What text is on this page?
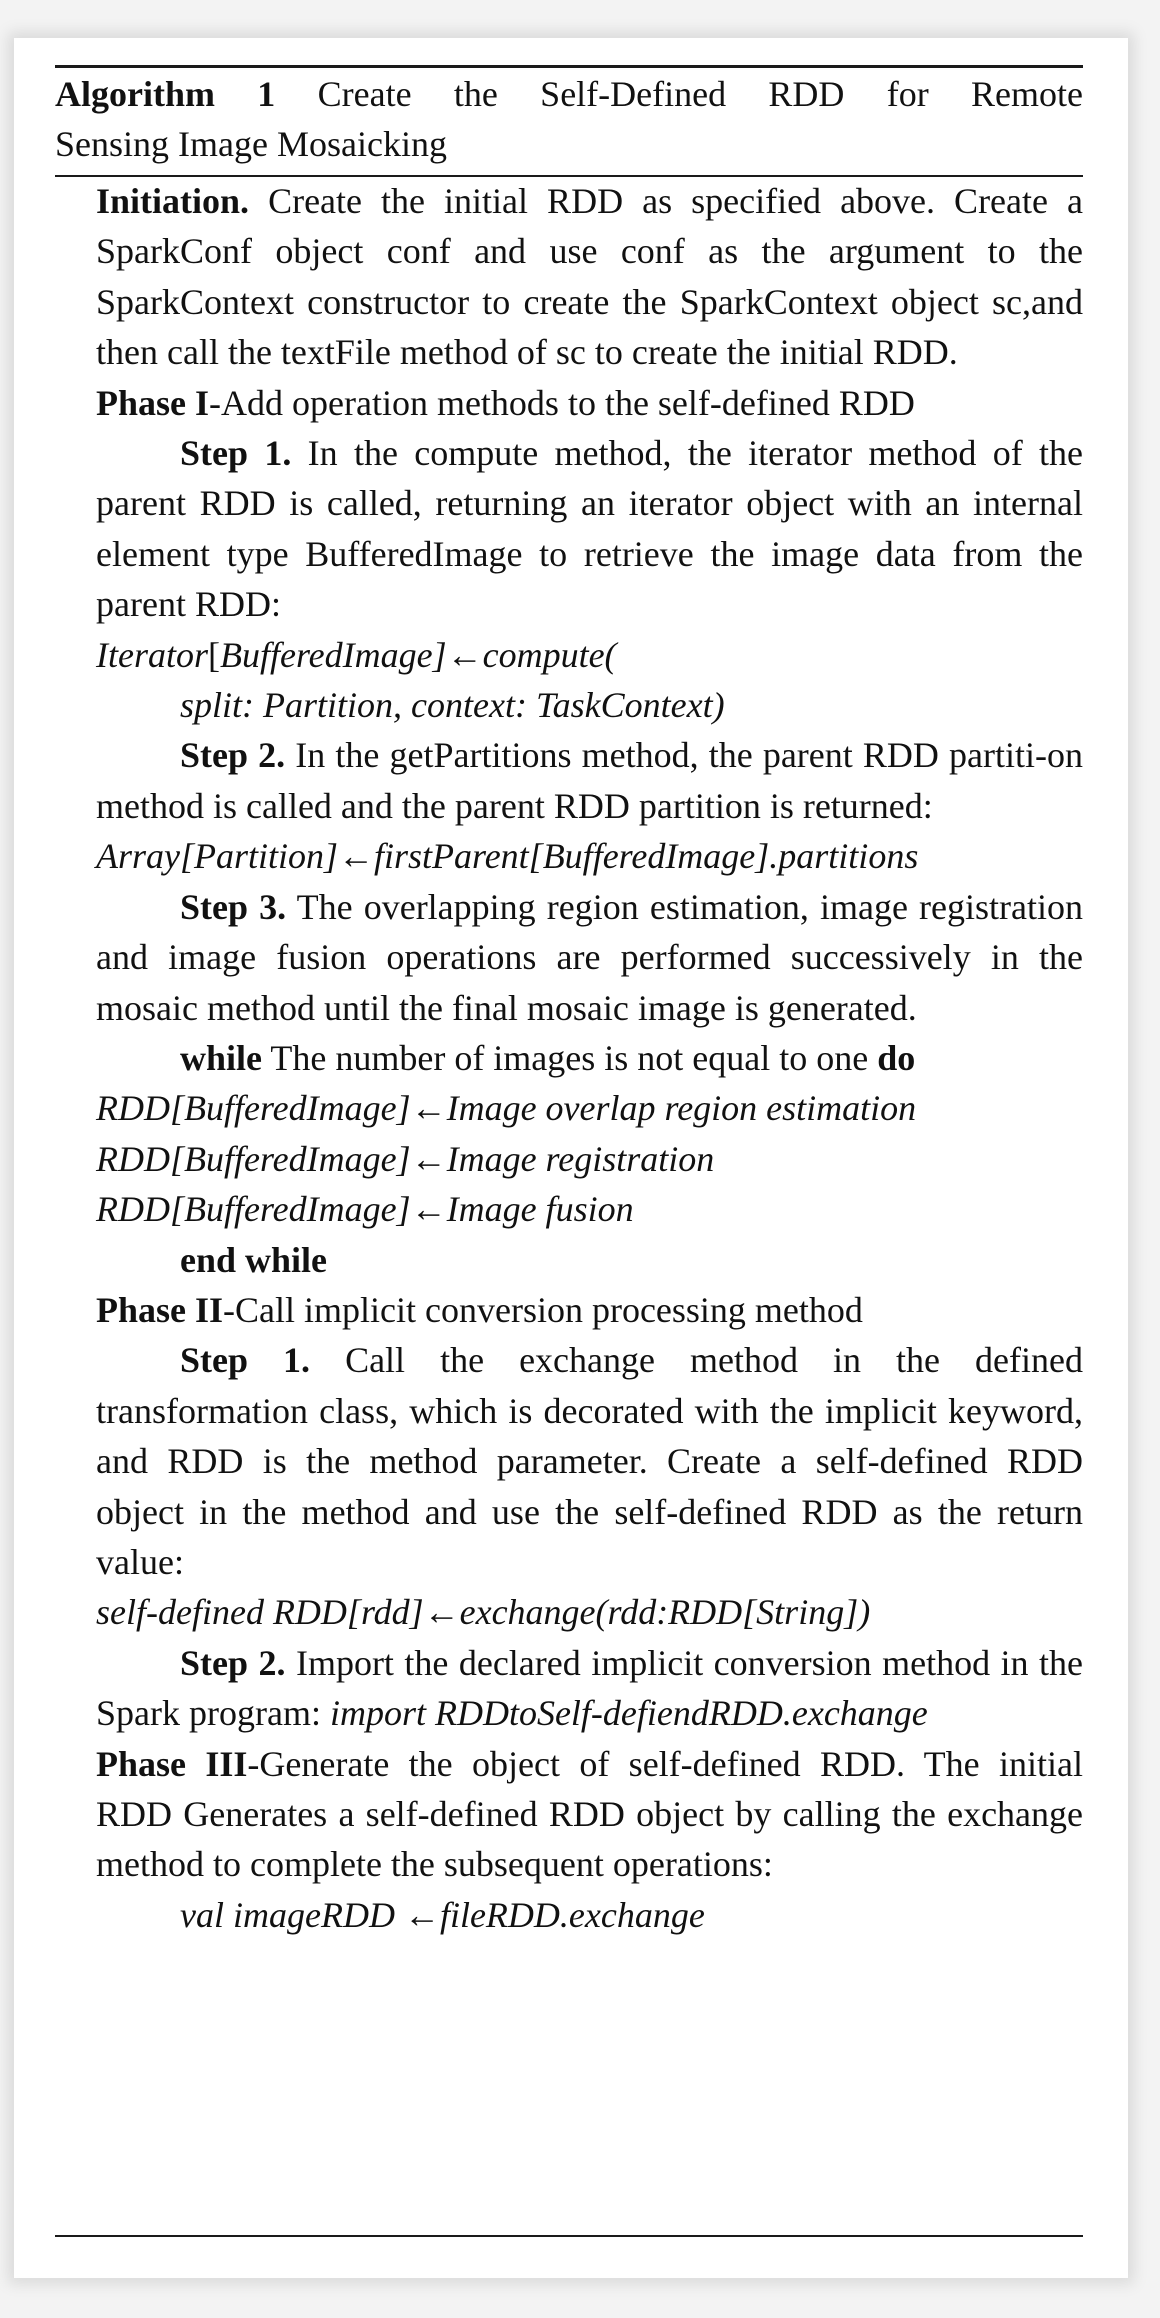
Algorithm 1 Create the Self-Defined RDD for Remote
Sensing Image Mosaicking

Initiation. Create the initial RDD as specified above. Create a SparkConf object conf and use conf as the argument to the SparkContext constructor to create the SparkContext object sc,and then call the textFile method of sc to create the initial RDD.

Phase I-Add operation methods to the self-defined RDD

Step 1. In the compute method, the iterator method of the parent RDD is called, returning an iterator object with an internal element type BufferedImage to retrieve the image data from the parent RDD:

Iterator[BufferedImage]←compute(

split: Partition, context: TaskContext)

Step 2. In the getPartitions method, the parent RDD partiti-on method is called and the parent RDD partition is returned:

Array[Partition]←firstParent[BufferedImage].partitions

Step 3. The overlapping region estimation, image registration and image fusion operations are performed successively in the mosaic method until the final mosaic image is generated.

while The number of images is not equal to one do

RDD[BufferedImage]←Image overlap region estimation

RDD[BufferedImage]←Image registration

RDD[BufferedImage]←Image fusion

end while

Phase II-Call implicit conversion processing method

Step 1. Call the exchange method in the defined transformation class, which is decorated with the implicit keyword, and RDD is the method parameter. Create a self-defined RDD object in the method and use the self-defined RDD as the return value:

self-defined RDD[rdd]←exchange(rdd:RDD[String])

Step 2. Import the declared implicit conversion method in the Spark program: import RDDtoSelf-defiendRDD.exchange

Phase III-Generate the object of self-defined RDD. The initial RDD Generates a self-defined RDD object by calling the exchange method to complete the subsequent operations:

val imageRDD ←fileRDD.exchange
